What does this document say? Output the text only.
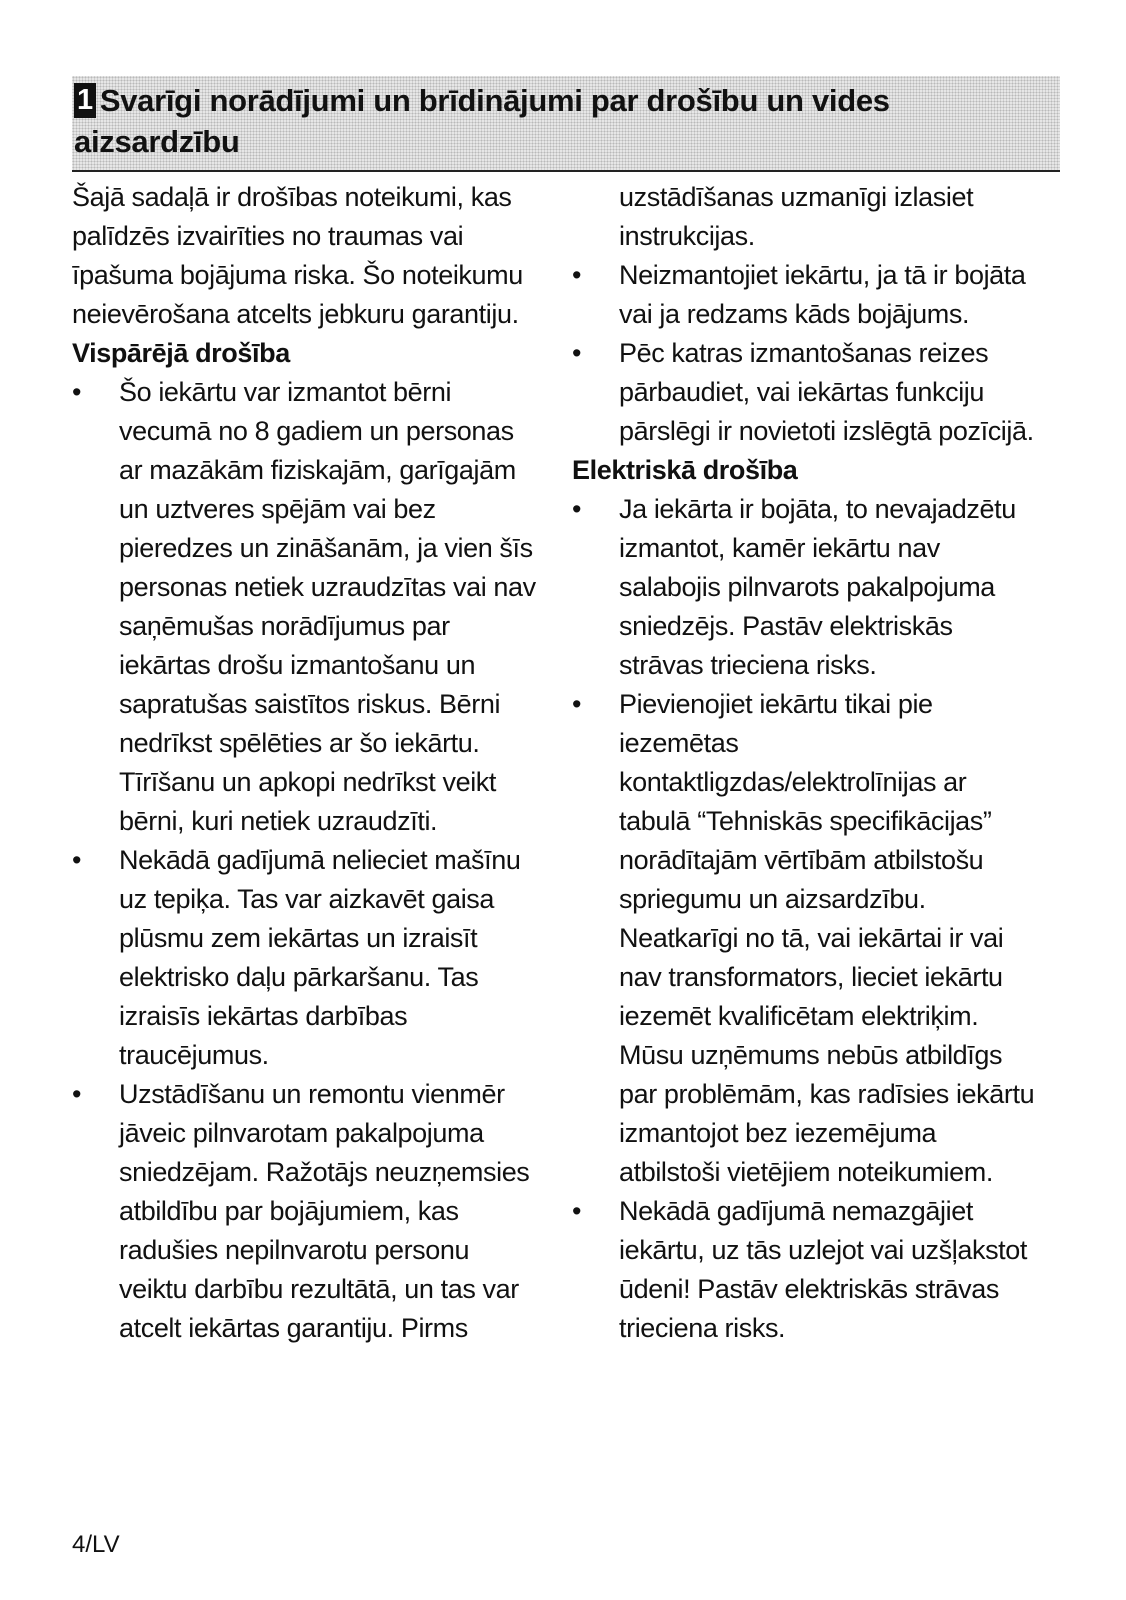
1 Svarīgi norādījumi un brīdinājumi par drošību un vides aizsardzību

Šajā sadaļā ir drošības noteikumi, kas palīdzēs izvairīties no traumas vai īpašuma bojājuma riska. Šo noteikumu neievērošana atcelts jebkuru garantiju.

Vispārējā drošība
•	Šo iekārtu var izmantot bērni vecumā no 8 gadiem un personas ar mazākām fiziskajām, garīgajām un uztveres spējām vai bez pieredzes un zināšanām, ja vien šīs personas netiek uzraudzītas vai nav saņēmušas norādījumus par iekārtas drošu izmantošanu un sapratušas saistītos riskus. Bērni nedrīkst spēlēties ar šo iekārtu. Tīrīšanu un apkopi nedrīkst veikt bērni, kuri netiek uzraudzīti.
•	Nekādā gadījumā nelieciet mašīnu uz tepiķa. Tas var aizkavēt gaisa plūsmu zem iekārtas un izraisīt elektrisko daļu pārkaršanu. Tas izraisīs iekārtas darbības traucējumus.
•	Uzstādīšanu un remontu vienmēr jāveic pilnvarotam pakalpojuma sniedzējam. Ražotājs neuzņemsies atbildību par bojājumiem, kas radušies nepilnvarotu personu veiktu darbību rezultātā, un tas var atcelt iekārtas garantiju. Pirms

uzstādīšanas uzmanīgi izlasiet instrukcijas.

•	Neizmantojiet iekārtu, ja tā ir bojāta vai ja redzams kāds bojājums.
•	Pēc katras izmantošanas reizes pārbaudiet, vai iekārtas funkciju pārslēgi ir novietoti izslēgtā pozīcijā.
Elektriskā drošība
•	Ja iekārta ir bojāta, to nevajadzētu izmantot, kamēr iekārtu nav salabojis pilnvarots pakalpojuma sniedzējs. Pastāv elektriskās strāvas trieciena risks.
•	Pievienojiet iekārtu tikai pie iezemētas kontaktligzdas/elektrolīnijas ar tabulā “Tehniskās specifikācijas” norādītajām vērtībām atbilstošu spriegumu un aizsardzību. Neatkarīgi no tā, vai iekārtai ir vai nav transformators, lieciet iekārtu iezemēt kvalificētam elektriķim. Mūsu uzņēmums nebūs atbildīgs par problēmām, kas radīsies iekārtu izmantojot bez iezemējuma atbilstoši vietējiem noteikumiem.
•	Nekādā gadījumā nemazgājiet iekārtu, uz tās uzlejot vai uzšļakstot ūdeni! Pastāv elektriskās strāvas trieciena risks.
4/LV
